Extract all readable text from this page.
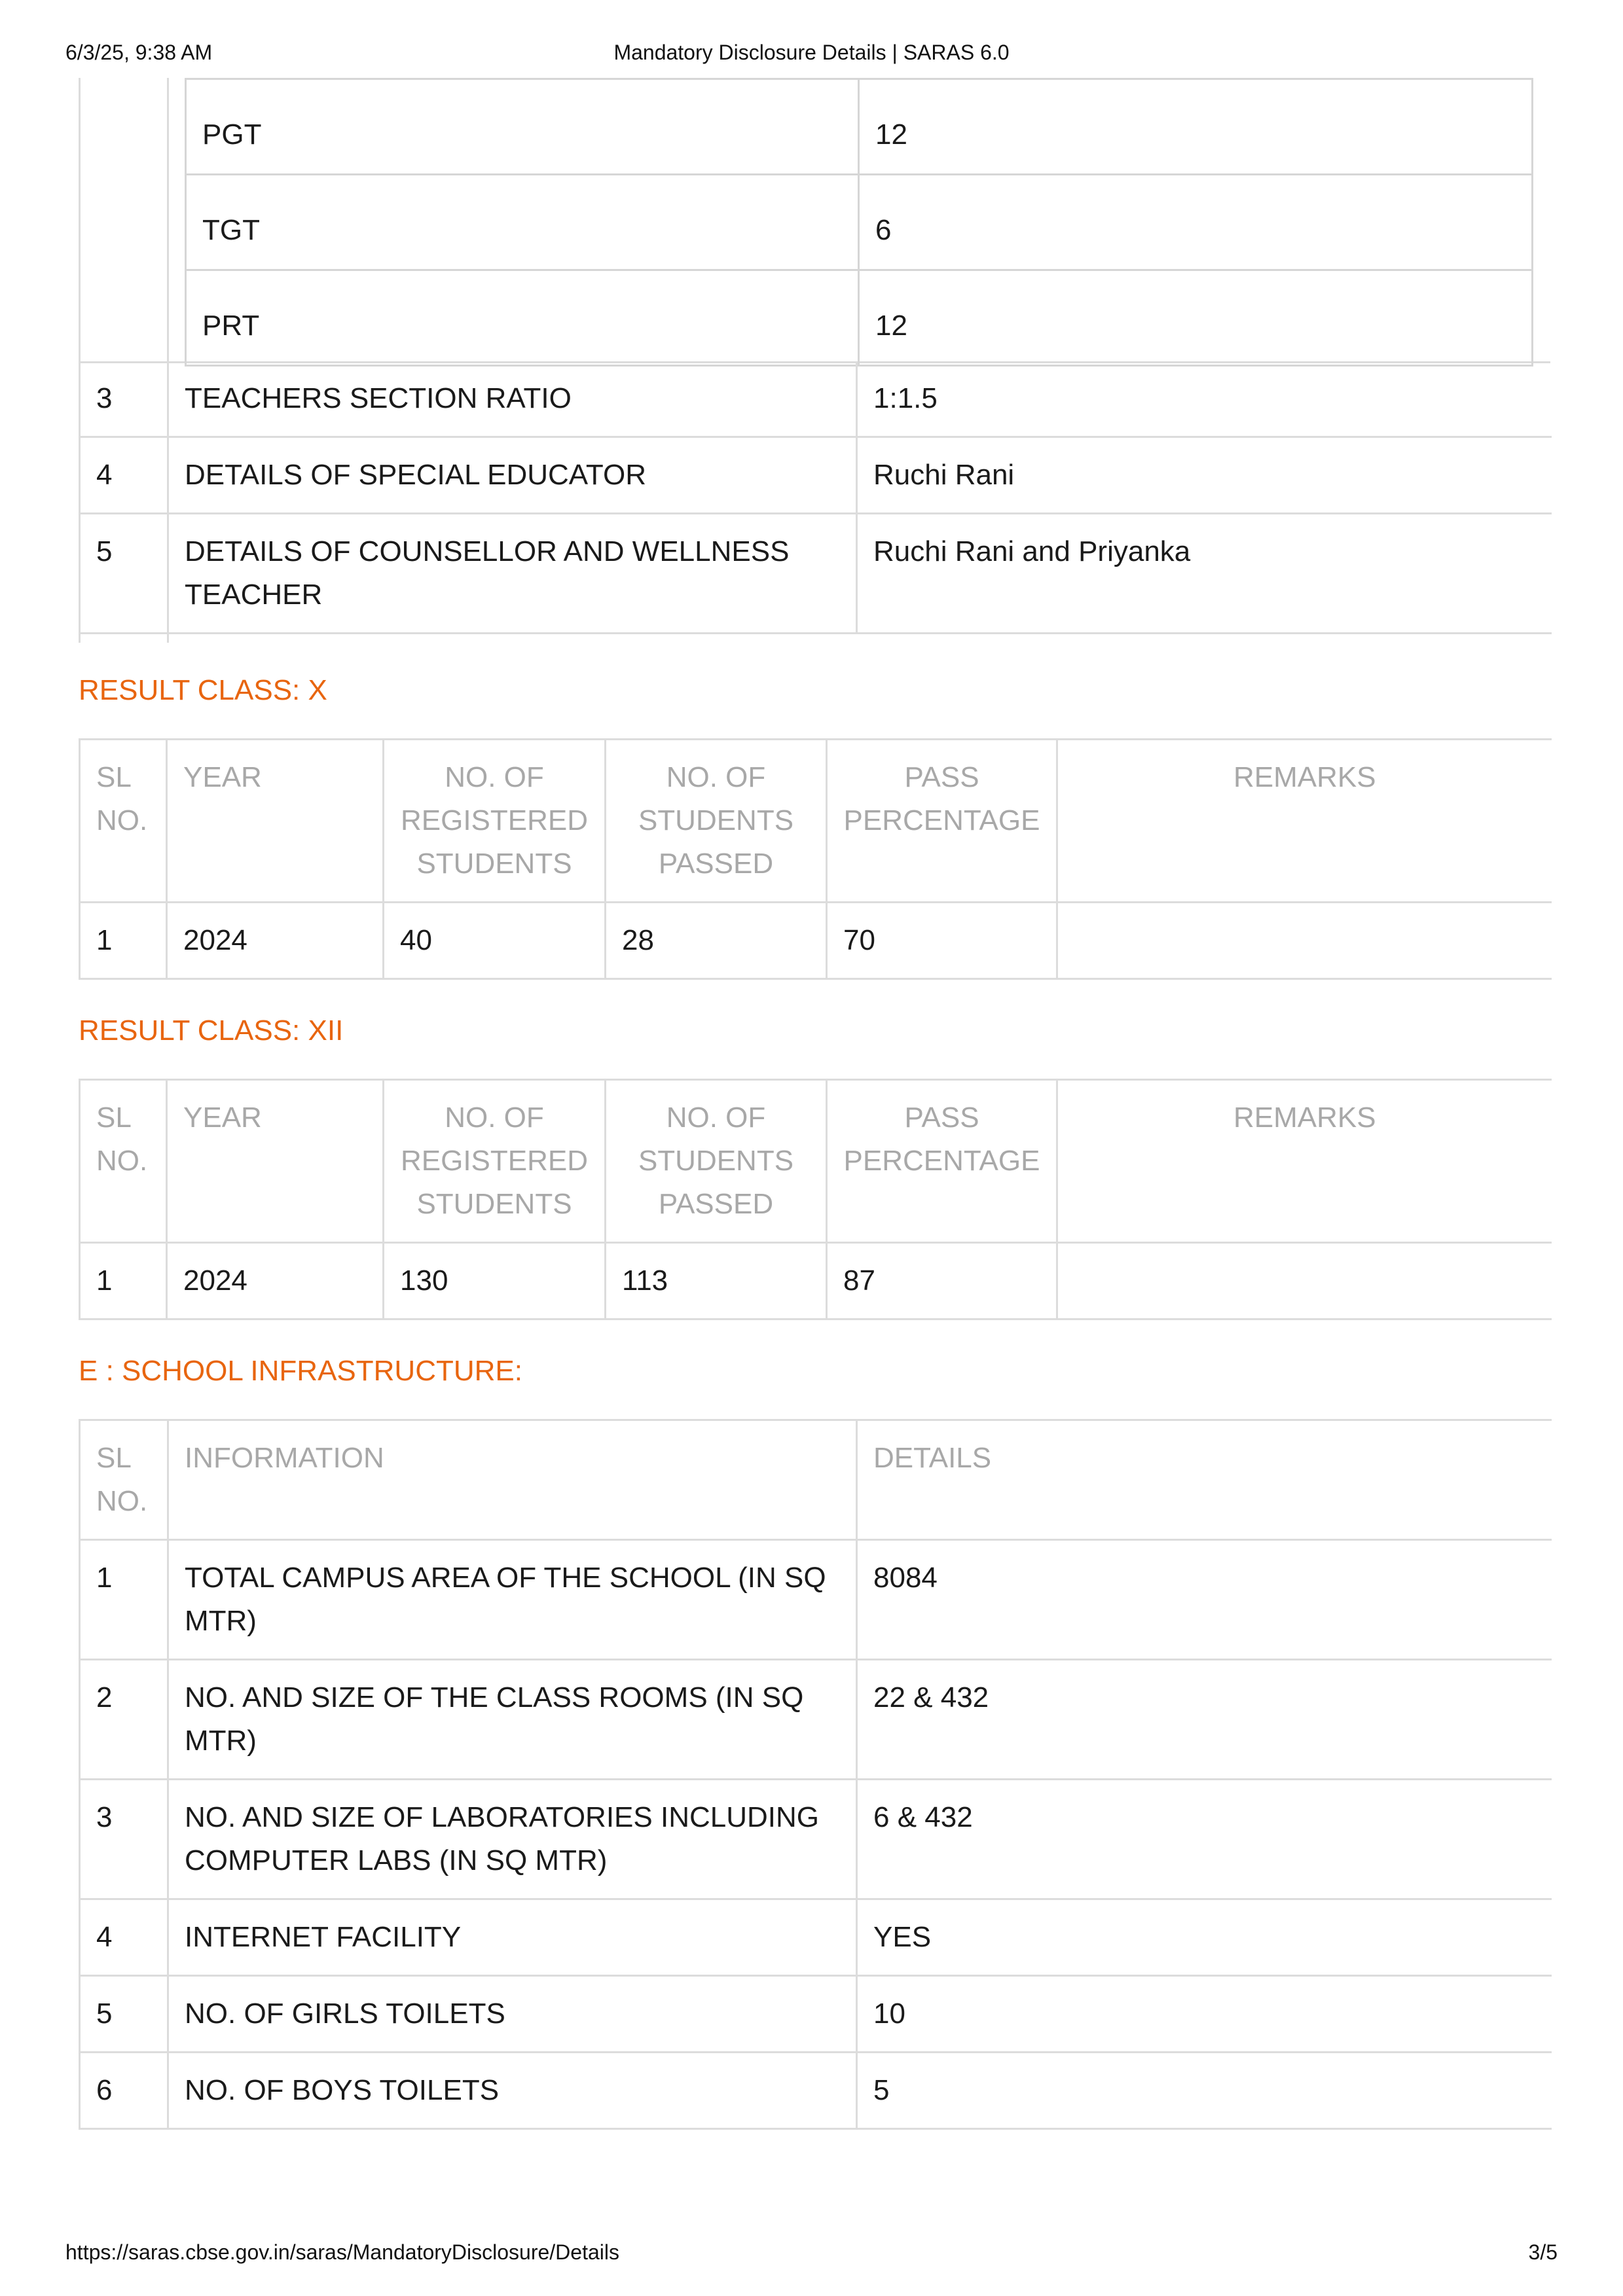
6/3/25, 9:38 AM	Mandatory Disclosure Details | SARAS 6.0
PGT	12
TGT	6
PRT	12
3	TEACHERS SECTION RATIO	1:1.5
4	DETAILS OF SPECIAL EDUCATOR	Ruchi Rani
5	DETAILS OF COUNSELLOR AND WELLNESS TEACHER	Ruchi Rani and Priyanka
RESULT CLASS: X
SL NO.	YEAR	NO. OF REGISTERED STUDENTS	NO. OF STUDENTS PASSED	PASS PERCENTAGE	REMARKS
1	2024	40	28	70	
RESULT CLASS: XII
SL NO.	YEAR	NO. OF REGISTERED STUDENTS	NO. OF STUDENTS PASSED	PASS PERCENTAGE	REMARKS
1	2024	130	113	87	
E : SCHOOL INFRASTRUCTURE:
SL NO.	INFORMATION	DETAILS
1	TOTAL CAMPUS AREA OF THE SCHOOL (IN SQ MTR)	8084
2	NO. AND SIZE OF THE CLASS ROOMS (IN SQ MTR)	22 & 432
3	NO. AND SIZE OF LABORATORIES INCLUDING COMPUTER LABS (IN SQ MTR)	6 & 432
4	INTERNET FACILITY	YES
5	NO. OF GIRLS TOILETS	10
6	NO. OF BOYS TOILETS	5
https://saras.cbse.gov.in/saras/MandatoryDisclosure/Details	3/5
